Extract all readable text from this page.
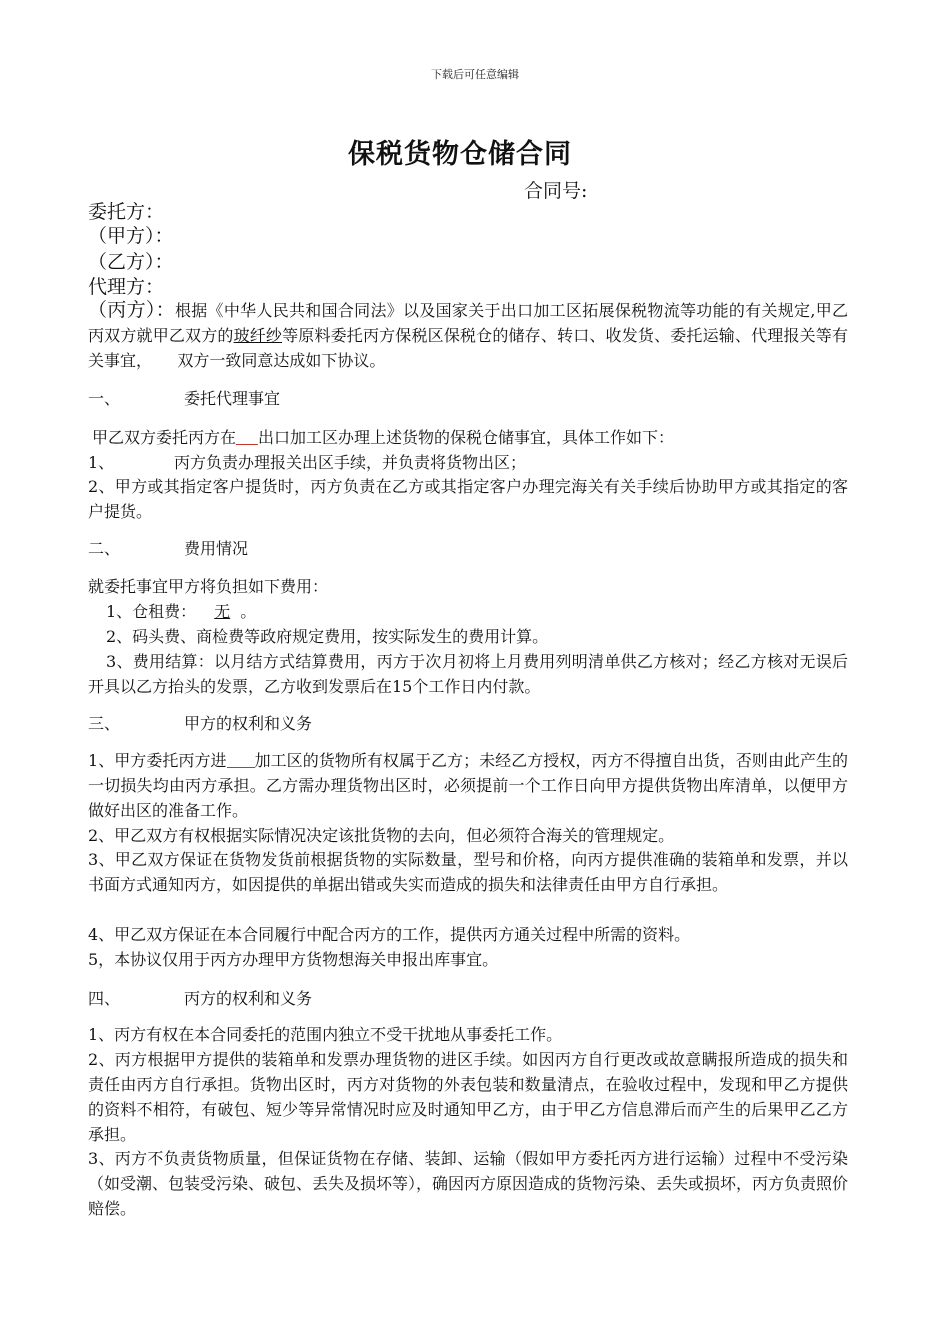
下载后可任意编辑
保税货物仓储合同
合同号:
委托方：
（甲方）：
（乙方）：
代理方：
（丙方）：根据《中华人民共和国合同法》以及国家关于出口加工区拓展保税物流等功能的有关规定,甲乙丙双方就甲乙双方的玻纤纱等原料委托丙方保税区保税仓的储存、转口、收发货、委托运输、代理报关等有关事宜，     双方一致同意达成如下协议。
一、	委托代理事宜
甲乙双方委托丙方在 出口加工区办理上述货物的保税仓储事宜，具体工作如下：
1、	丙方负责办理报关出区手续，并负责将货物出区；
2、甲方或其指定客户提货时，丙方负责在乙方或其指定客户办理完海关有关手续后协助甲方或其指定的客户提货。
二、	费用情况
就委托事宜甲方将负担如下费用：
1、仓租费： 无 。
2、码头费、商检费等政府规定费用，按实际发生的费用计算。
3、费用结算：以月结方式结算费用，丙方于次月初将上月费用列明清单供乙方核对；经乙方核对无误后开具以乙方抬头的发票，乙方收到发票后在15个工作日内付款。
三、	甲方的权利和义务
1、甲方委托丙方进 加工区的货物所有权属于乙方；未经乙方授权，丙方不得擅自出货，否则由此产生的一切损失均由丙方承担。乙方需办理货物出区时，必须提前一个工作日向甲方提供货物出库清单，以便甲方做好出区的准备工作。
2、甲乙双方有权根据实际情况决定该批货物的去向，但必须符合海关的管理规定。
3、甲乙双方保证在货物发货前根据货物的实际数量，型号和价格，向丙方提供准确的装箱单和发票，并以书面方式通知丙方，如因提供的单据出错或失实而造成的损失和法律责任由甲方自行承担。
4、甲乙双方保证在本合同履行中配合丙方的工作，提供丙方通关过程中所需的资料。
5，本协议仅用于丙方办理甲方货物想海关申报出库事宜。
四、	丙方的权利和义务
1、丙方有权在本合同委托的范围内独立不受干扰地从事委托工作。
2、丙方根据甲方提供的装箱单和发票办理货物的进区手续。如因丙方自行更改或故意瞒报所造成的损失和责任由丙方自行承担。货物出区时，丙方对货物的外表包装和数量清点，在验收过程中，发现和甲乙方提供的资料不相符，有破包、短少等异常情况时应及时通知甲乙方，由于甲乙方信息滞后而产生的后果甲乙乙方承担。
3、丙方不负责货物质量，但保证货物在存储、装卸、运输（假如甲方委托丙方进行运输）过程中不受污染（如受潮、包装受污染、破包、丢失及损坏等），确因丙方原因造成的货物污染、丢失或损坏，丙方负责照价赔偿。
